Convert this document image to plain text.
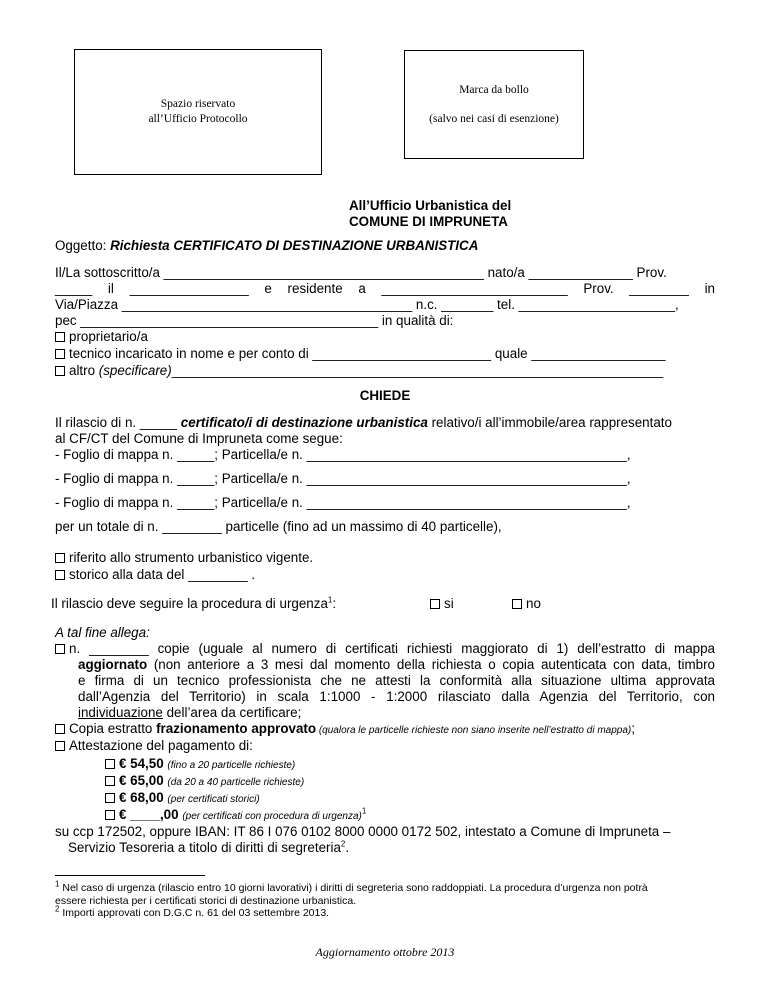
Spazio riservato
all’Ufficio Protocollo
Marca da bollo
(salvo nei casi di esenzione)
All’Ufficio Urbanistica del
COMUNE DI IMPRUNETA
Oggetto: Richiesta CERTIFICATO DI DESTINAZIONE URBANISTICA
Il/La sottoscritto/a ___________________________________________ nato/a ______________ Prov.
_____ il ________________ e residente a _________________________ Prov. ________ in
Via/Piazza _______________________________________ n.c. _______ tel. _____________________,
pec ________________________________________ in qualità di:
proprietario/a
tecnico incaricato in nome e per conto di ________________________ quale __________________
altro (specificare)__________________________________________________________________
CHIEDE
Il rilascio di n. _____ certificato/i di destinazione urbanistica relativo/i all’immobile/area rappresentato
al CF/CT del Comune di Impruneta come segue:
- Foglio di mappa n. _____; Particella/e n. ___________________________________________,
- Foglio di mappa n. _____; Particella/e n. ___________________________________________,
- Foglio di mappa n. _____; Particella/e n. ___________________________________________,
per un totale di n. ________ particelle (fino ad un massimo di 40 particelle),
riferito allo strumento urbanistico vigente.
storico alla data del ________ .
Il rilascio deve seguire la procedura di urgenza$^1$:	si	no
A tal fine allega:
n. ________ copie (uguale al numero di certificati richiesti maggiorato di 1) dell’estratto di mappa
aggiornato (non anteriore a 3 mesi dal momento della richiesta o copia autenticata con data, timbro
e firma di un tecnico professionista che ne attesti la conformità alla situazione ultima approvata
dall’Agenzia del Territorio) in scala 1:1000 - 1:2000 rilasciato dalla Agenzia del Territorio, con
individuazione dell’area da certificare;
Copia estratto frazionamento approvato (qualora le particelle richieste non siano inserite nell’estratto di mappa);
Attestazione del pagamento di:
€ 54,50 (fino a 20 particelle richieste)
€ 65,00 (da 20 a 40 particelle richieste)
€ 68,00 (per certificati storici)
€ ____,00 (per certificati con procedura di urgenza)$^1$
su ccp 172502, oppure IBAN: IT 86 I 076 0102 8000 0000 0172 502, intestato a Comune di Impruneta –
Servizio Tesoreria a titolo di diritti di segreteria$^2$.
$^1$ Nel caso di urgenza (rilascio entro 10 giorni lavorativi) i diritti di segreteria sono raddoppiati. La procedura d’urgenza non potrà
essere richiesta per i certificati storici di destinazione urbanistica.
$^2$ Importi approvati con D.G.C n. 61 del 03 settembre 2013.
Aggiornamento ottobre 2013
